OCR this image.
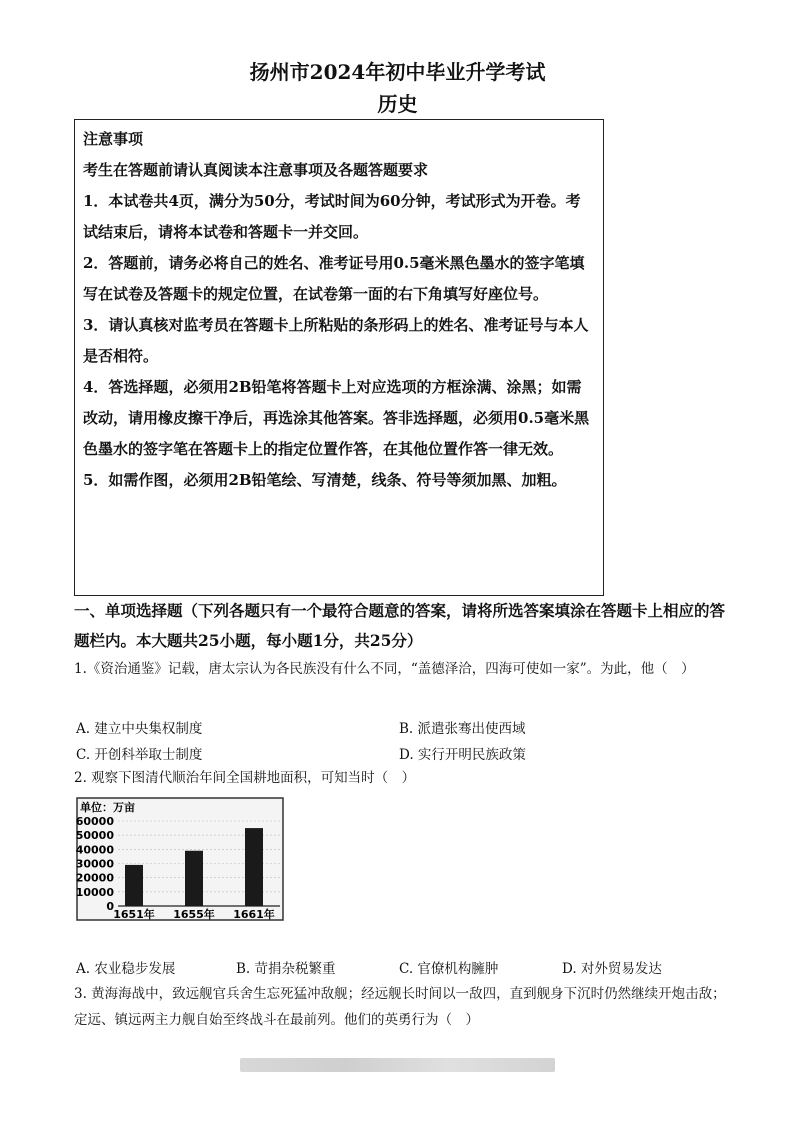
扬州市2024年初中毕业升学考试
历史

注意事项

考生在答题前请认真阅读本注意事项及各题答题要求

1．本试卷共4页，满分为50分，考试时间为60分钟，考试形式为开卷。考试结束后，请将本试卷和答题卡一并交回。

2．答题前，请务必将自己的姓名、准考证号用0.5毫米黑色墨水的签字笔填写在试卷及答题卡的规定位置，在试卷第一面的右下角填写好座位号。

3．请认真核对监考员在答题卡上所粘贴的条形码上的姓名、准考证号与本人是否相符。

4．答选择题，必须用2B铅笔将答题卡上对应选项的方框涂满、涂黑；如需改动，请用橡皮擦干净后，再选涂其他答案。答非选择题，必须用0.5毫米黑色墨水的签字笔在答题卡上的指定位置作答，在其他位置作答一律无效。

5．如需作图，必须用2B铅笔绘、写清楚，线条、符号等须加黑、加粗。

一、单项选择题（下列各题只有一个最符合题意的答案，请将所选答案填涂在答题卡上相应的答题栏内。本大题共25小题，每小题1分，共25分）
1.《资治通鉴》记载，唐太宗认为各民族没有什么不同，“盖德泽洽，四海可使如一家”。为此，他（　）
A. 建立中央集权制度	B. 派遣张骞出使西域
C. 开创科举取士制度	D. 实行开明民族政策
2. 观察下图清代顺治年间全国耕地面积，可知当时（　）
单位：万亩
60000
50000
40000
30000
20000
10000
0
1651年 1655年 1661年
A. 农业稳步发展	B. 苛捐杂税繁重	C. 官僚机构臃肿	D. 对外贸易发达
3. 黄海海战中，致远舰官兵舍生忘死猛冲敌舰；经远舰长时间以一敌四，直到舰身下沉时仍然继续开炮击敌；定远、镇远两主力舰自始至终战斗在最前列。他们的英勇行为（　）
